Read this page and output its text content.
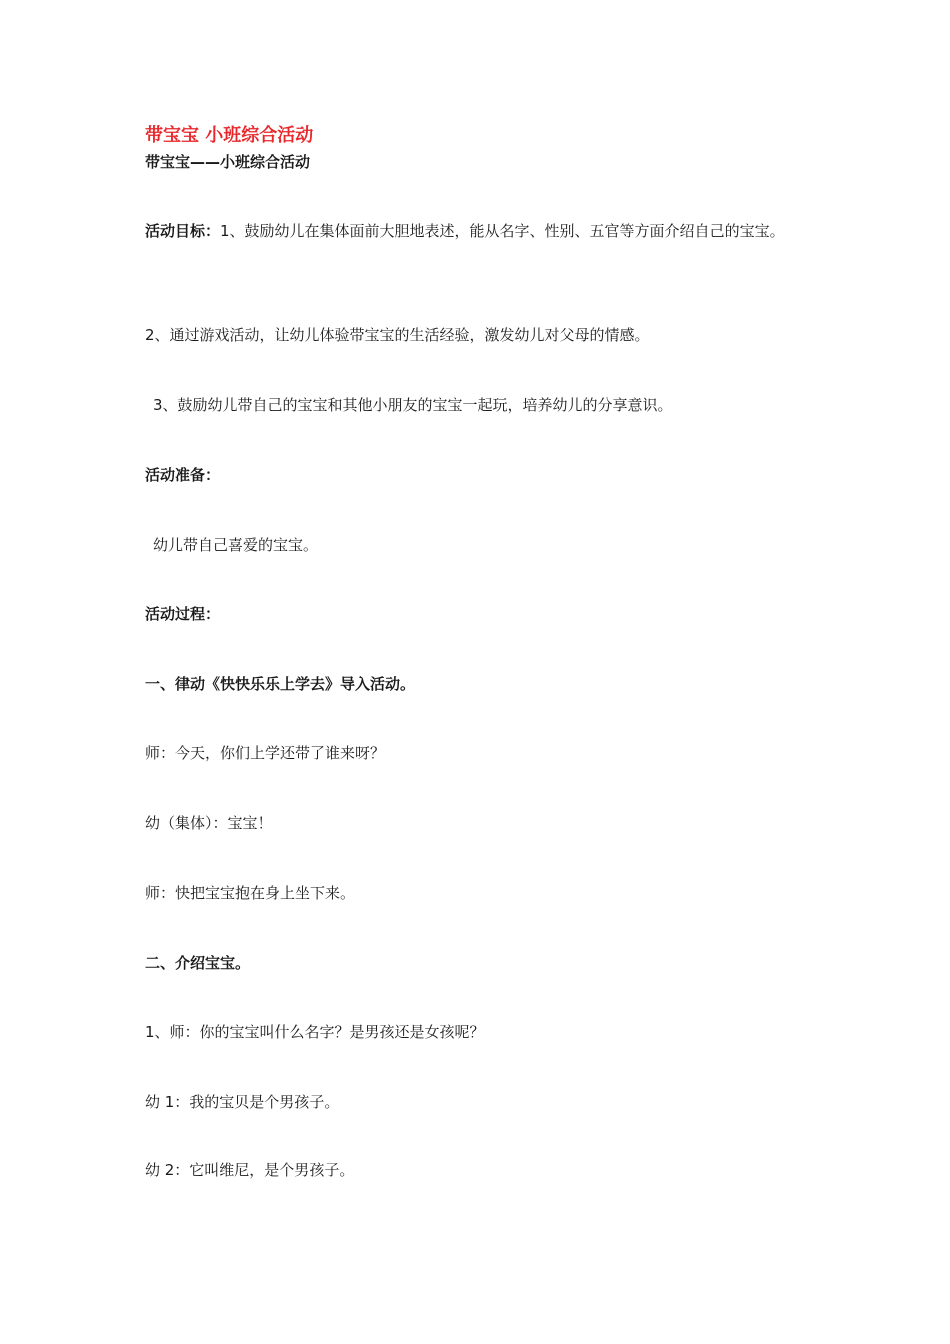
带宝宝 小班综合活动
带宝宝——小班综合活动
活动目标：1、鼓励幼儿在集体面前大胆地表述，能从名字、性别、五官等方面介绍自己的宝宝。
2、通过游戏活动，让幼儿体验带宝宝的生活经验，激发幼儿对父母的情感。
3、鼓励幼儿带自己的宝宝和其他小朋友的宝宝一起玩，培养幼儿的分享意识。
活动准备：
幼儿带自己喜爱的宝宝。
活动过程：
一、律动《快快乐乐上学去》导入活动。
师：今天，你们上学还带了谁来呀？
幼（集体）：宝宝！
师：快把宝宝抱在身上坐下来。
二、介绍宝宝。
1、师：你的宝宝叫什么名字？是男孩还是女孩呢？
幼 1：我的宝贝是个男孩子。
幼 2：它叫维尼，是个男孩子。
